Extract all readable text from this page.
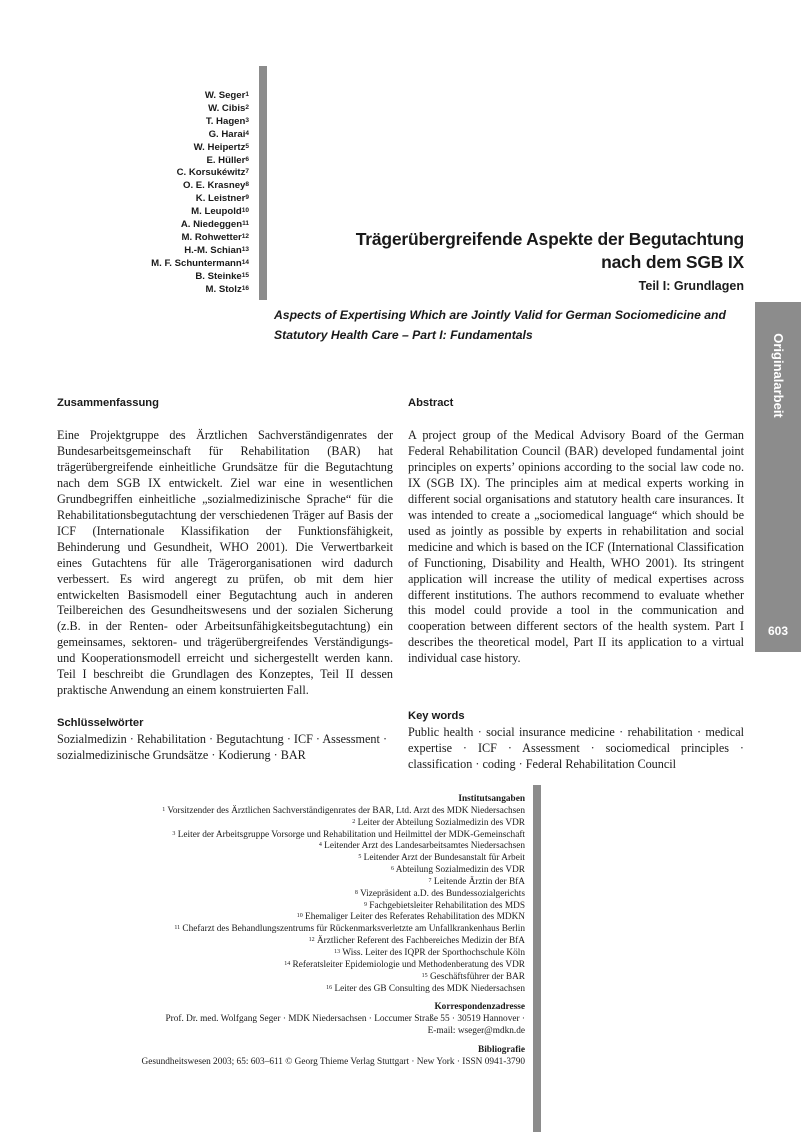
Originalarbeit
603
W. Seger$^1$
W. Cibis$^2$
T. Hagen$^3$
G. Harai$^4$
W. Heipertz$^5$
E. Hüller$^6$
C. Korsukéwitz$^7$
O. E. Krasney$^8$
K. Leistner$^9$
M. Leupold$^{10}$
A. Niedeggen$^{11}$
M. Rohwetter$^{12}$
H.-M. Schian$^{13}$
M. F. Schuntermann$^{14}$
B. Steinke$^{15}$
M. Stolz$^{16}$
Trägerübergreifende Aspekte der Begutachtung
nach dem SGB IX
Teil I: Grundlagen
Aspects of Expertising Which are Jointly Valid for German Sociomedicine and Statutory Health Care – Part I: Fundamentals
Zusammenfassung
Eine Projektgruppe des Ärztlichen Sachverständigenrates der Bundesarbeitsgemeinschaft für Rehabilitation (BAR) hat trägerübergreifende einheitliche Grundsätze für die Begutachtung nach dem SGB IX entwickelt. Ziel war eine in wesentlichen Grundbegriffen einheitliche „sozialmedizinische Sprache“ für die Rehabilitationsbegutachtung der verschiedenen Träger auf Basis der ICF (Internationale Klassifikation der Funktionsfähigkeit, Behinderung und Gesundheit, WHO 2001). Die Verwertbarkeit eines Gutachtens für alle Trägerorganisationen wird dadurch verbessert. Es wird angeregt zu prüfen, ob mit dem hier entwickelten Basismodell einer Begutachtung auch in anderen Teilbereichen des Gesundheitswesens und der sozialen Sicherung (z.B. in der Renten- oder Arbeitsunfähigkeitsbegutachtung) ein gemeinsames, sektoren- und trägerübergreifendes Verständigungs- und Kooperationsmodell erreicht und sichergestellt werden kann. Teil I beschreibt die Grundlagen des Konzeptes, Teil II dessen praktische Anwendung an einem konstruierten Fall.
Schlüsselwörter
Sozialmedizin · Rehabilitation · Begutachtung · ICF · Assessment · sozialmedizinische Grundsätze · Kodierung · BAR
Abstract
A project group of the Medical Advisory Board of the German Federal Rehabilitation Council (BAR) developed fundamental joint principles on experts’ opinions according to the social law code no. IX (SGB IX). The principles aim at medical experts working in different social organisations and statutory health care insurances. It was intended to create a „sociomedical language“ which should be used as jointly as possible by experts in rehabilitation and social medicine and which is based on the ICF (International Classification of Functioning, Disability and Health, WHO 2001). Its stringent application will increase the utility of medical expertises across different institutions. The authors recommend to evaluate whether this model could provide a tool in the communication and cooperation between different sectors of the health system. Part I describes the theoretical model, Part II its application to a virtual individual case history.
Key words
Public health · social insurance medicine · rehabilitation · medical expertise · ICF · Assessment · sociomedical principles · classification · coding · Federal Rehabilitation Council
Institutsangaben
$^1$ Vorsitzender des Ärztlichen Sachverständigenrates der BAR, Ltd. Arzt des MDK Niedersachsen
$^2$ Leiter der Abteilung Sozialmedizin des VDR
$^3$ Leiter der Arbeitsgruppe Vorsorge und Rehabilitation und Heilmittel der MDK-Gemeinschaft
$^4$ Leitender Arzt des Landesarbeitsamtes Niedersachsen
$^5$ Leitender Arzt der Bundesanstalt für Arbeit
$^6$ Abteilung Sozialmedizin des VDR
$^7$ Leitende Ärztin der BfA
$^8$ Vizepräsident a.D. des Bundessozialgerichts
$^9$ Fachgebietsleiter Rehabilitation des MDS
$^{10}$ Ehemaliger Leiter des Referates Rehabilitation des MDKN
$^{11}$ Chefarzt des Behandlungszentrums für Rückenmarksverletzte am Unfallkrankenhaus Berlin
$^{12}$ Ärztlicher Referent des Fachbereiches Medizin der BfA
$^{13}$ Wiss. Leiter des IQPR der Sporthochschule Köln
$^{14}$ Referatsleiter Epidemiologie und Methodenberatung des VDR
$^{15}$ Geschäftsführer der BAR
$^{16}$ Leiter des GB Consulting des MDK Niedersachsen
Korrespondenzadresse
Prof. Dr. med. Wolfgang Seger · MDK Niedersachsen · Loccumer Straße 55 · 30519 Hannover ·
E-mail: wseger@mdkn.de
Bibliografie
Gesundheitswesen 2003; 65: 603–611 © Georg Thieme Verlag Stuttgart · New York · ISSN 0941-3790
